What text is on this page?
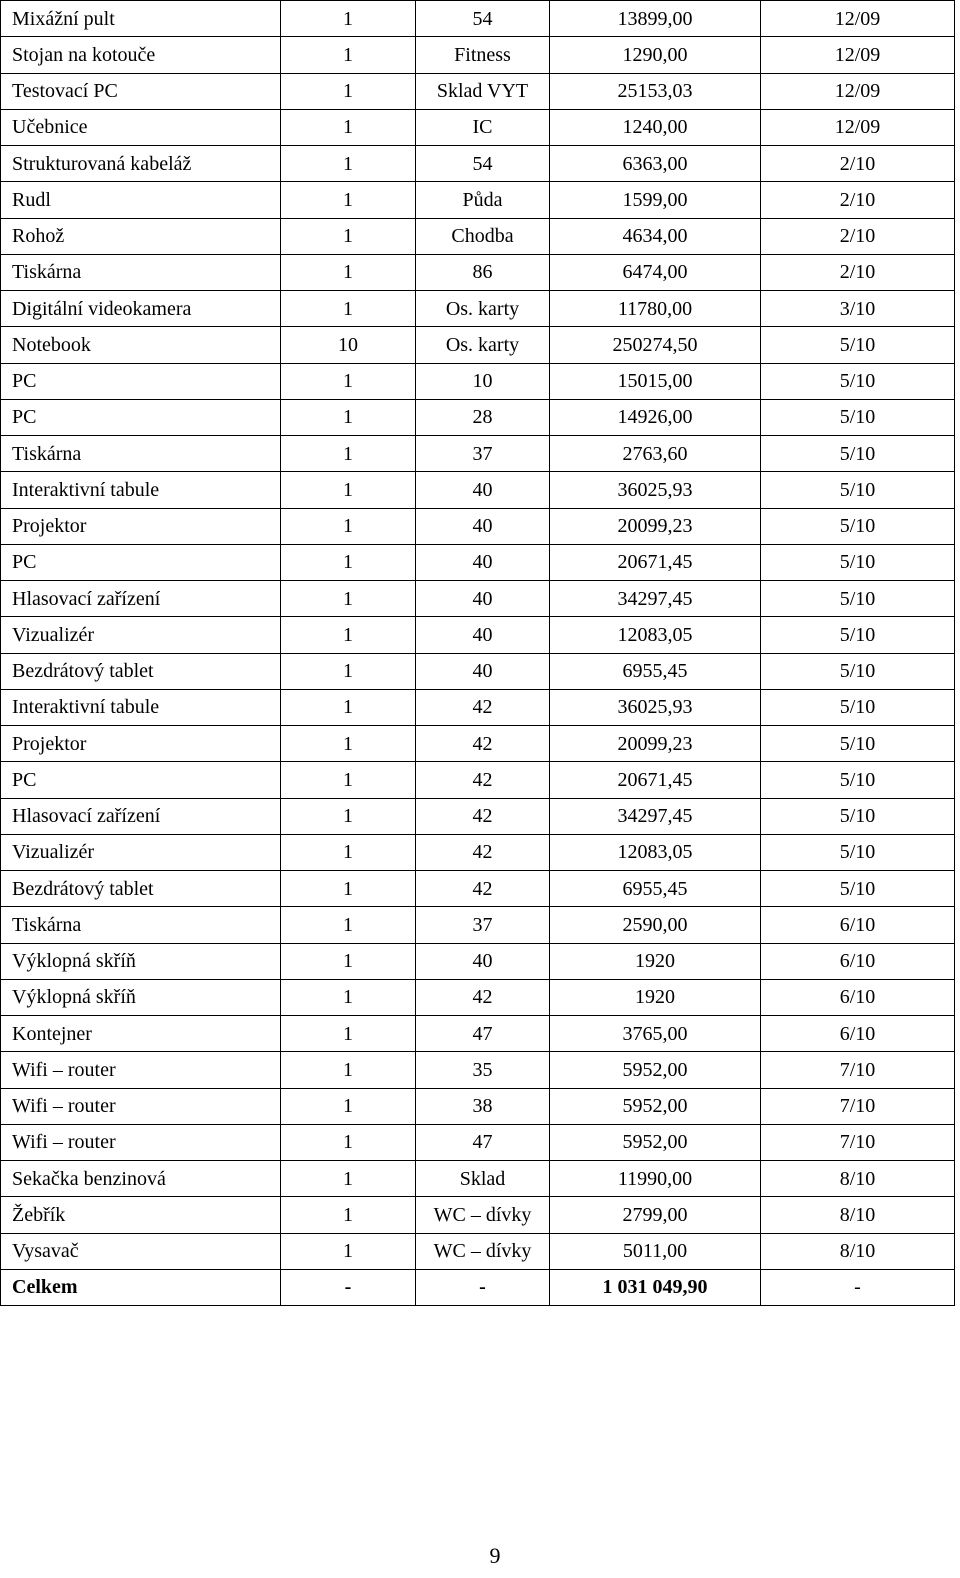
Mixážní pult	1	54	13899,00	12/09
Stojan na kotouče	1	Fitness	1290,00	12/09
Testovací PC	1	Sklad VYT	25153,03	12/09
Učebnice	1	IC	1240,00	12/09
Strukturovaná kabeláž	1	54	6363,00	2/10
Rudl	1	Půda	1599,00	2/10
Rohož	1	Chodba	4634,00	2/10
Tiskárna	1	86	6474,00	2/10
Digitální videokamera	1	Os. karty	11780,00	3/10
Notebook	10	Os. karty	250274,50	5/10
PC	1	10	15015,00	5/10
PC	1	28	14926,00	5/10
Tiskárna	1	37	2763,60	5/10
Interaktivní tabule	1	40	36025,93	5/10
Projektor	1	40	20099,23	5/10
PC	1	40	20671,45	5/10
Hlasovací zařízení	1	40	34297,45	5/10
Vizualizér	1	40	12083,05	5/10
Bezdrátový tablet	1	40	6955,45	5/10
Interaktivní tabule	1	42	36025,93	5/10
Projektor	1	42	20099,23	5/10
PC	1	42	20671,45	5/10
Hlasovací zařízení	1	42	34297,45	5/10
Vizualizér	1	42	12083,05	5/10
Bezdrátový tablet	1	42	6955,45	5/10
Tiskárna	1	37	2590,00	6/10
Výklopná skříň	1	40	1920	6/10
Výklopná skříň	1	42	1920	6/10
Kontejner	1	47	3765,00	6/10
Wifi – router	1	35	5952,00	7/10
Wifi – router	1	38	5952,00	7/10
Wifi – router	1	47	5952,00	7/10
Sekačka benzinová	1	Sklad	11990,00	8/10
Žebřík	1	WC – dívky	2799,00	8/10
Vysavač	1	WC – dívky	5011,00	8/10
Celkem	-	-	1 031 049,90	-
9
